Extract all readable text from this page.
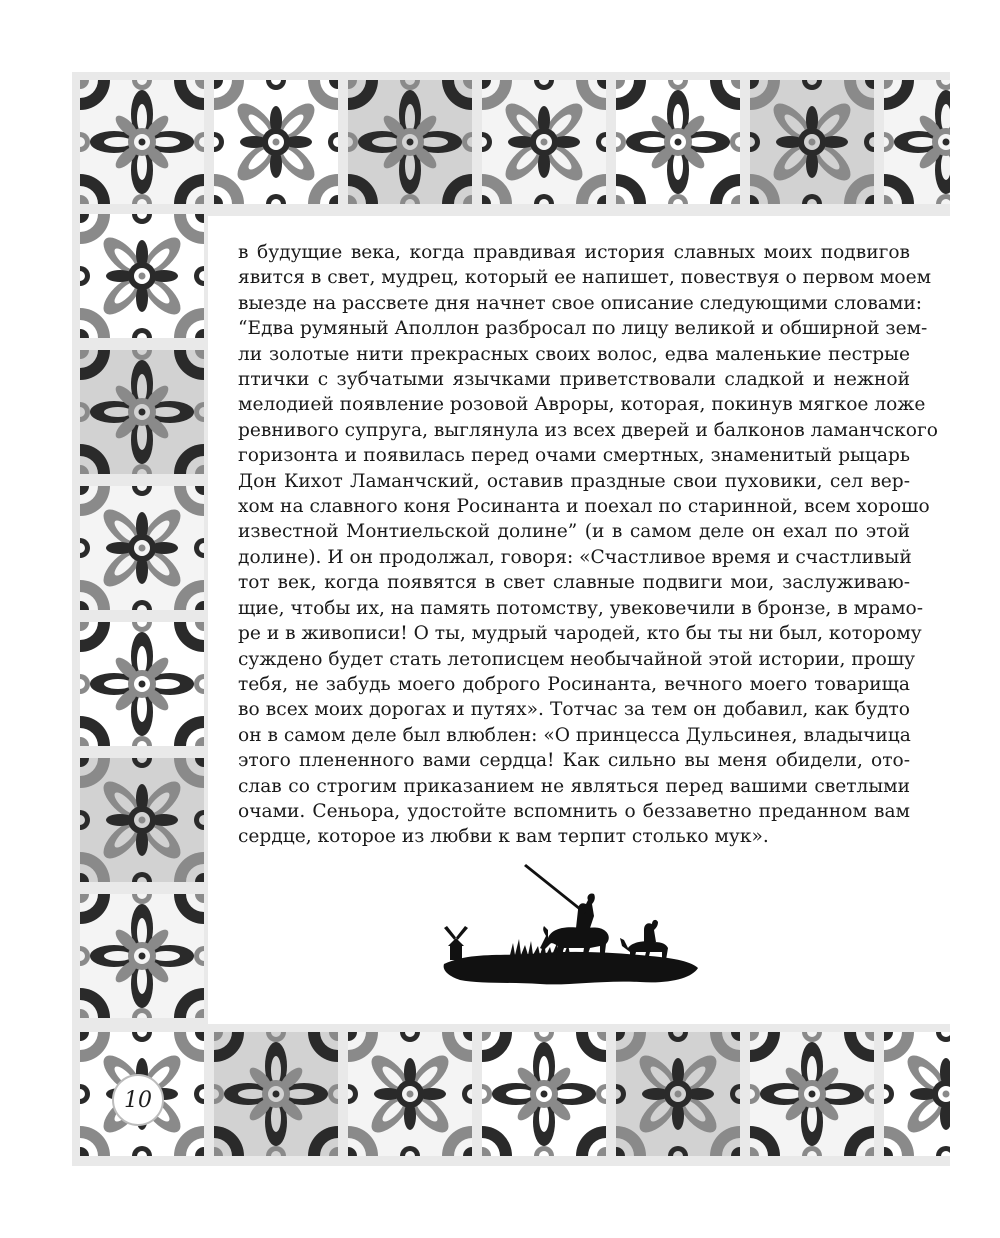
в будущие века, когда правдивая история славных моих подвигов
явится в свет, мудрец, который ее напишет, повествуя о первом моем
выезде на рассвете дня начнет свое описание следующими словами:
“Едва румяный Аполлон разбросал по лицу великой и обширной зем-
ли золотые нити прекрасных своих волос, едва маленькие пестрые
птички с зубчатыми язычками приветствовали сладкой и нежной
мелодией появление розовой Авроры, которая, покинув мягкое ложе
ревнивого супруга, выглянула из всех дверей и балконов ламанчского
горизонта и появилась перед очами смертных, знаменитый рыцарь
Дон Кихот Ламанчский, оставив праздные свои пуховики, сел вер-
хом на славного коня Росинанта и поехал по старинной, всем хорошо
известной Монтиельской долине” (и в самом деле он ехал по этой
долине). И он продолжал, говоря: «Счастливое время и счастливый
тот век, когда появятся в свет славные подвиги мои, заслуживаю-
щие, чтобы их, на память потомству, увековечили в бронзе, в мрамо-
ре и в живописи! О ты, мудрый чародей, кто бы ты ни был, которому
суждено будет стать летописцем необычайной этой истории, прошу
тебя, не забудь моего доброго Росинанта, вечного моего товарища
во всех моих дорогах и путях». Тотчас за тем он добавил, как будто
он в самом деле был влюблен: «О принцесса Дульсинея, владычица
этого плененного вами сердца! Как сильно вы меня обидели, ото-
слав со строгим приказанием не являться перед вашими светлыми
очами. Сеньора, удостойте вспомнить о беззаветно преданном вам
сердце, которое из любви к вам терпит столько мук».
10
